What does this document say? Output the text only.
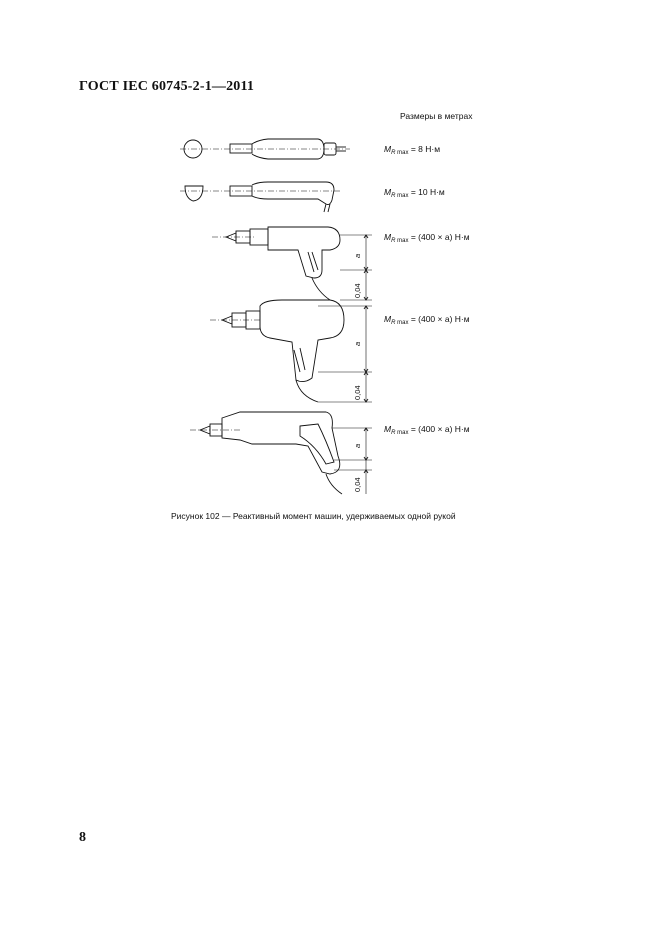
ГОСТ IEC 60745-2-1—2011
Размеры в метрах
$M_{R max} = 8$ Н·м
$M_{R max} = 10$ Н·м
$M_{R max} = (400 \times a)$ Н·м
$M_{R max} = (400 \times a)$ Н·м
$M_{R max} = (400 \times a)$ Н·м
a
0,04
a
0,04
a
0,04
Рисунок 102 — Реактивный момент машин, удерживаемых одной рукой
8
